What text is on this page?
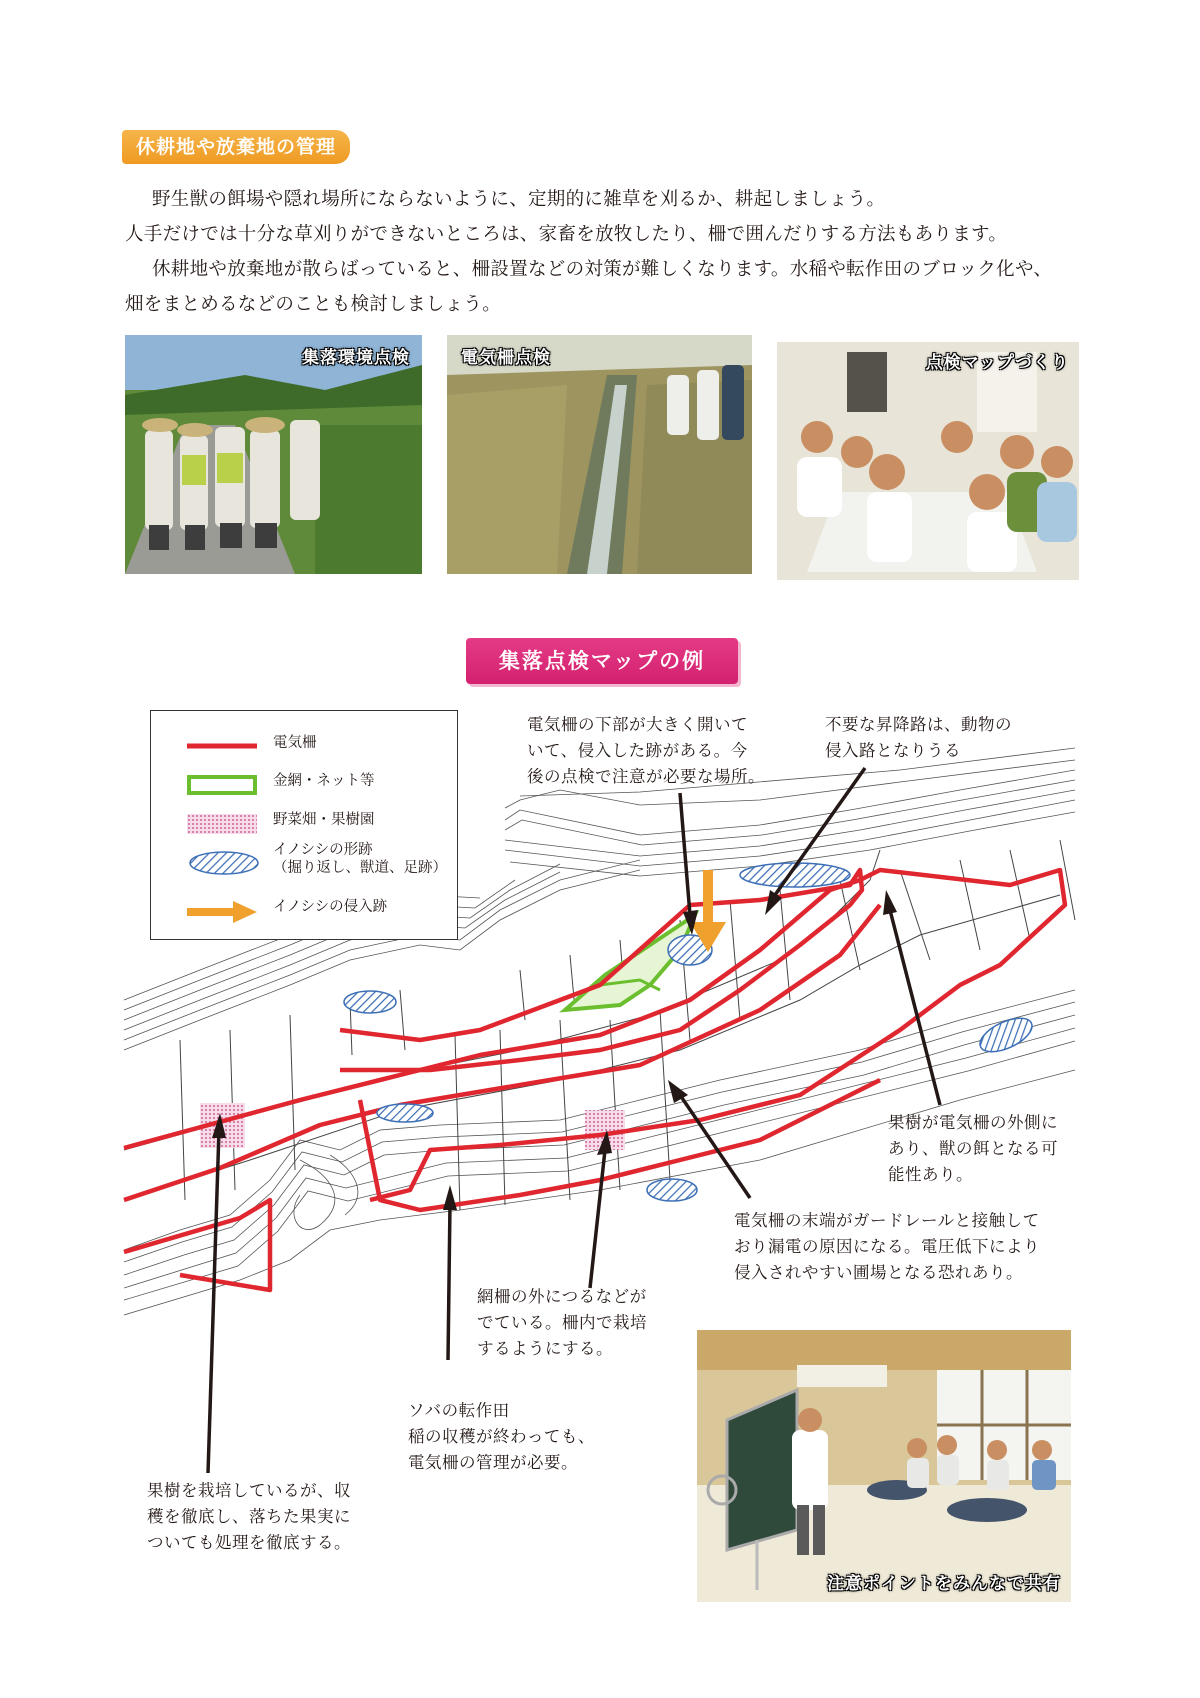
休耕地や放棄地の管理
野生獣の餌場や隠れ場所にならないように、定期的に雑草を刈るか、耕起しましょう。
人手だけでは十分な草刈りができないところは、家畜を放牧したり、柵で囲んだりする方法もあります。
休耕地や放棄地が散らばっていると、柵設置などの対策が難しくなります。水稲や転作田のブロック化や、
畑をまとめるなどのことも検討しましょう。
集落環境点検	電気柵点検	点検マップづくり
集落点検マップの例
電気柵
金網・ネット等
野菜畑・果樹園
イノシシの形跡
（掘り返し、獣道、足跡）
イノシシの侵入跡
電気柵の下部が大きく開いて
いて、侵入した跡がある。今
後の点検で注意が必要な場所。
不要な昇降路は、動物の
侵入路となりうる
果樹が電気柵の外側に
あり、獣の餌となる可
能性あり。
電気柵の末端がガードレールと接触して
おり漏電の原因になる。電圧低下により
侵入されやすい圃場となる恐れあり。
網柵の外につるなどが
でている。柵内で栽培
するようにする。
ソバの転作田
稲の収穫が終わっても、
電気柵の管理が必要。
果樹を栽培しているが、収
穫を徹底し、落ちた果実に
ついても処理を徹底する。
注意ポイントをみんなで共有
